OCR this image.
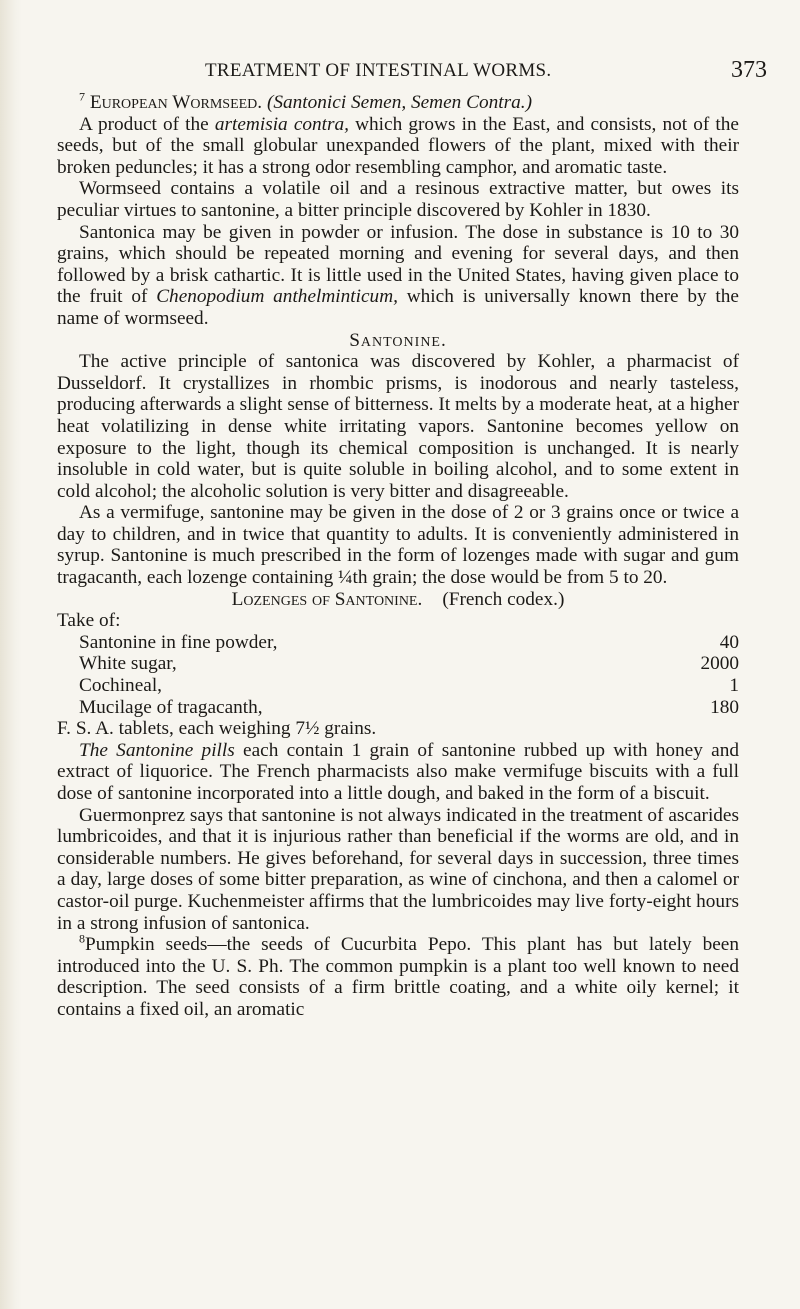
TREATMENT OF INTESTINAL WORMS.	373

$^7$ European Wormseed. (Santonici Semen, Semen Contra.)

A product of the artemisia contra, which grows in the East, and consists, not of the seeds, but of the small globular unexpanded flowers of the plant, mixed with their broken peduncles; it has a strong odor resembling camphor, and aromatic taste.

Wormseed contains a volatile oil and a resinous extractive matter, but owes its peculiar virtues to santonine, a bitter principle discovered by Kohler in 1830.

Santonica may be given in powder or infusion. The dose in substance is 10 to 30 grains, which should be repeated morning and evening for several days, and then followed by a brisk cathartic. It is little used in the United States, having given place to the fruit of Chenopodium anthelminticum, which is universally known there by the name of wormseed.

Santonine.

The active principle of santonica was discovered by Kohler, a pharmacist of Dusseldorf. It crystallizes in rhombic prisms, is inodorous and nearly tasteless, producing afterwards a slight sense of bitterness. It melts by a moderate heat, at a higher heat volatilizing in dense white irritating vapors. Santonine becomes yellow on exposure to the light, though its chemical composition is unchanged. It is nearly insoluble in cold water, but is quite soluble in boiling alcohol, and to some extent in cold alcohol; the alcoholic solution is very bitter and disagreeable.

As a vermifuge, santonine may be given in the dose of 2 or 3 grains once or twice a day to children, and in twice that quantity to adults. It is conveniently administered in syrup. Santonine is much prescribed in the form of lozenges made with sugar and gum tragacanth, each lozenge containing ¼th grain; the dose would be from 5 to 20.

Lozenges of Santonine. (French codex.)

Take of:
Santonine in fine powder,	40
White sugar,	2000
Cochineal,	1
Mucilage of tragacanth,	180
F. S. A. tablets, each weighing 7½ grains.

The Santonine pills each contain 1 grain of santonine rubbed up with honey and extract of liquorice. The French pharmacists also make vermifuge biscuits with a full dose of santonine incorporated into a little dough, and baked in the form of a biscuit.

Guermonprez says that santonine is not always indicated in the treatment of ascarides lumbricoides, and that it is injurious rather than beneficial if the worms are old, and in considerable numbers. He gives beforehand, for several days in succession, three times a day, large doses of some bitter preparation, as wine of cinchona, and then a calomel or castor-oil purge. Kuchenmeister affirms that the lumbricoides may live forty-eight hours in a strong infusion of santonica.

$^8$Pumpkin seeds—the seeds of Cucurbita Pepo. This plant has but lately been introduced into the U. S. Ph. The common pumpkin is a plant too well known to need description. The seed consists of a firm brittle coating, and a white oily kernel; it contains a fixed oil, an aromatic
